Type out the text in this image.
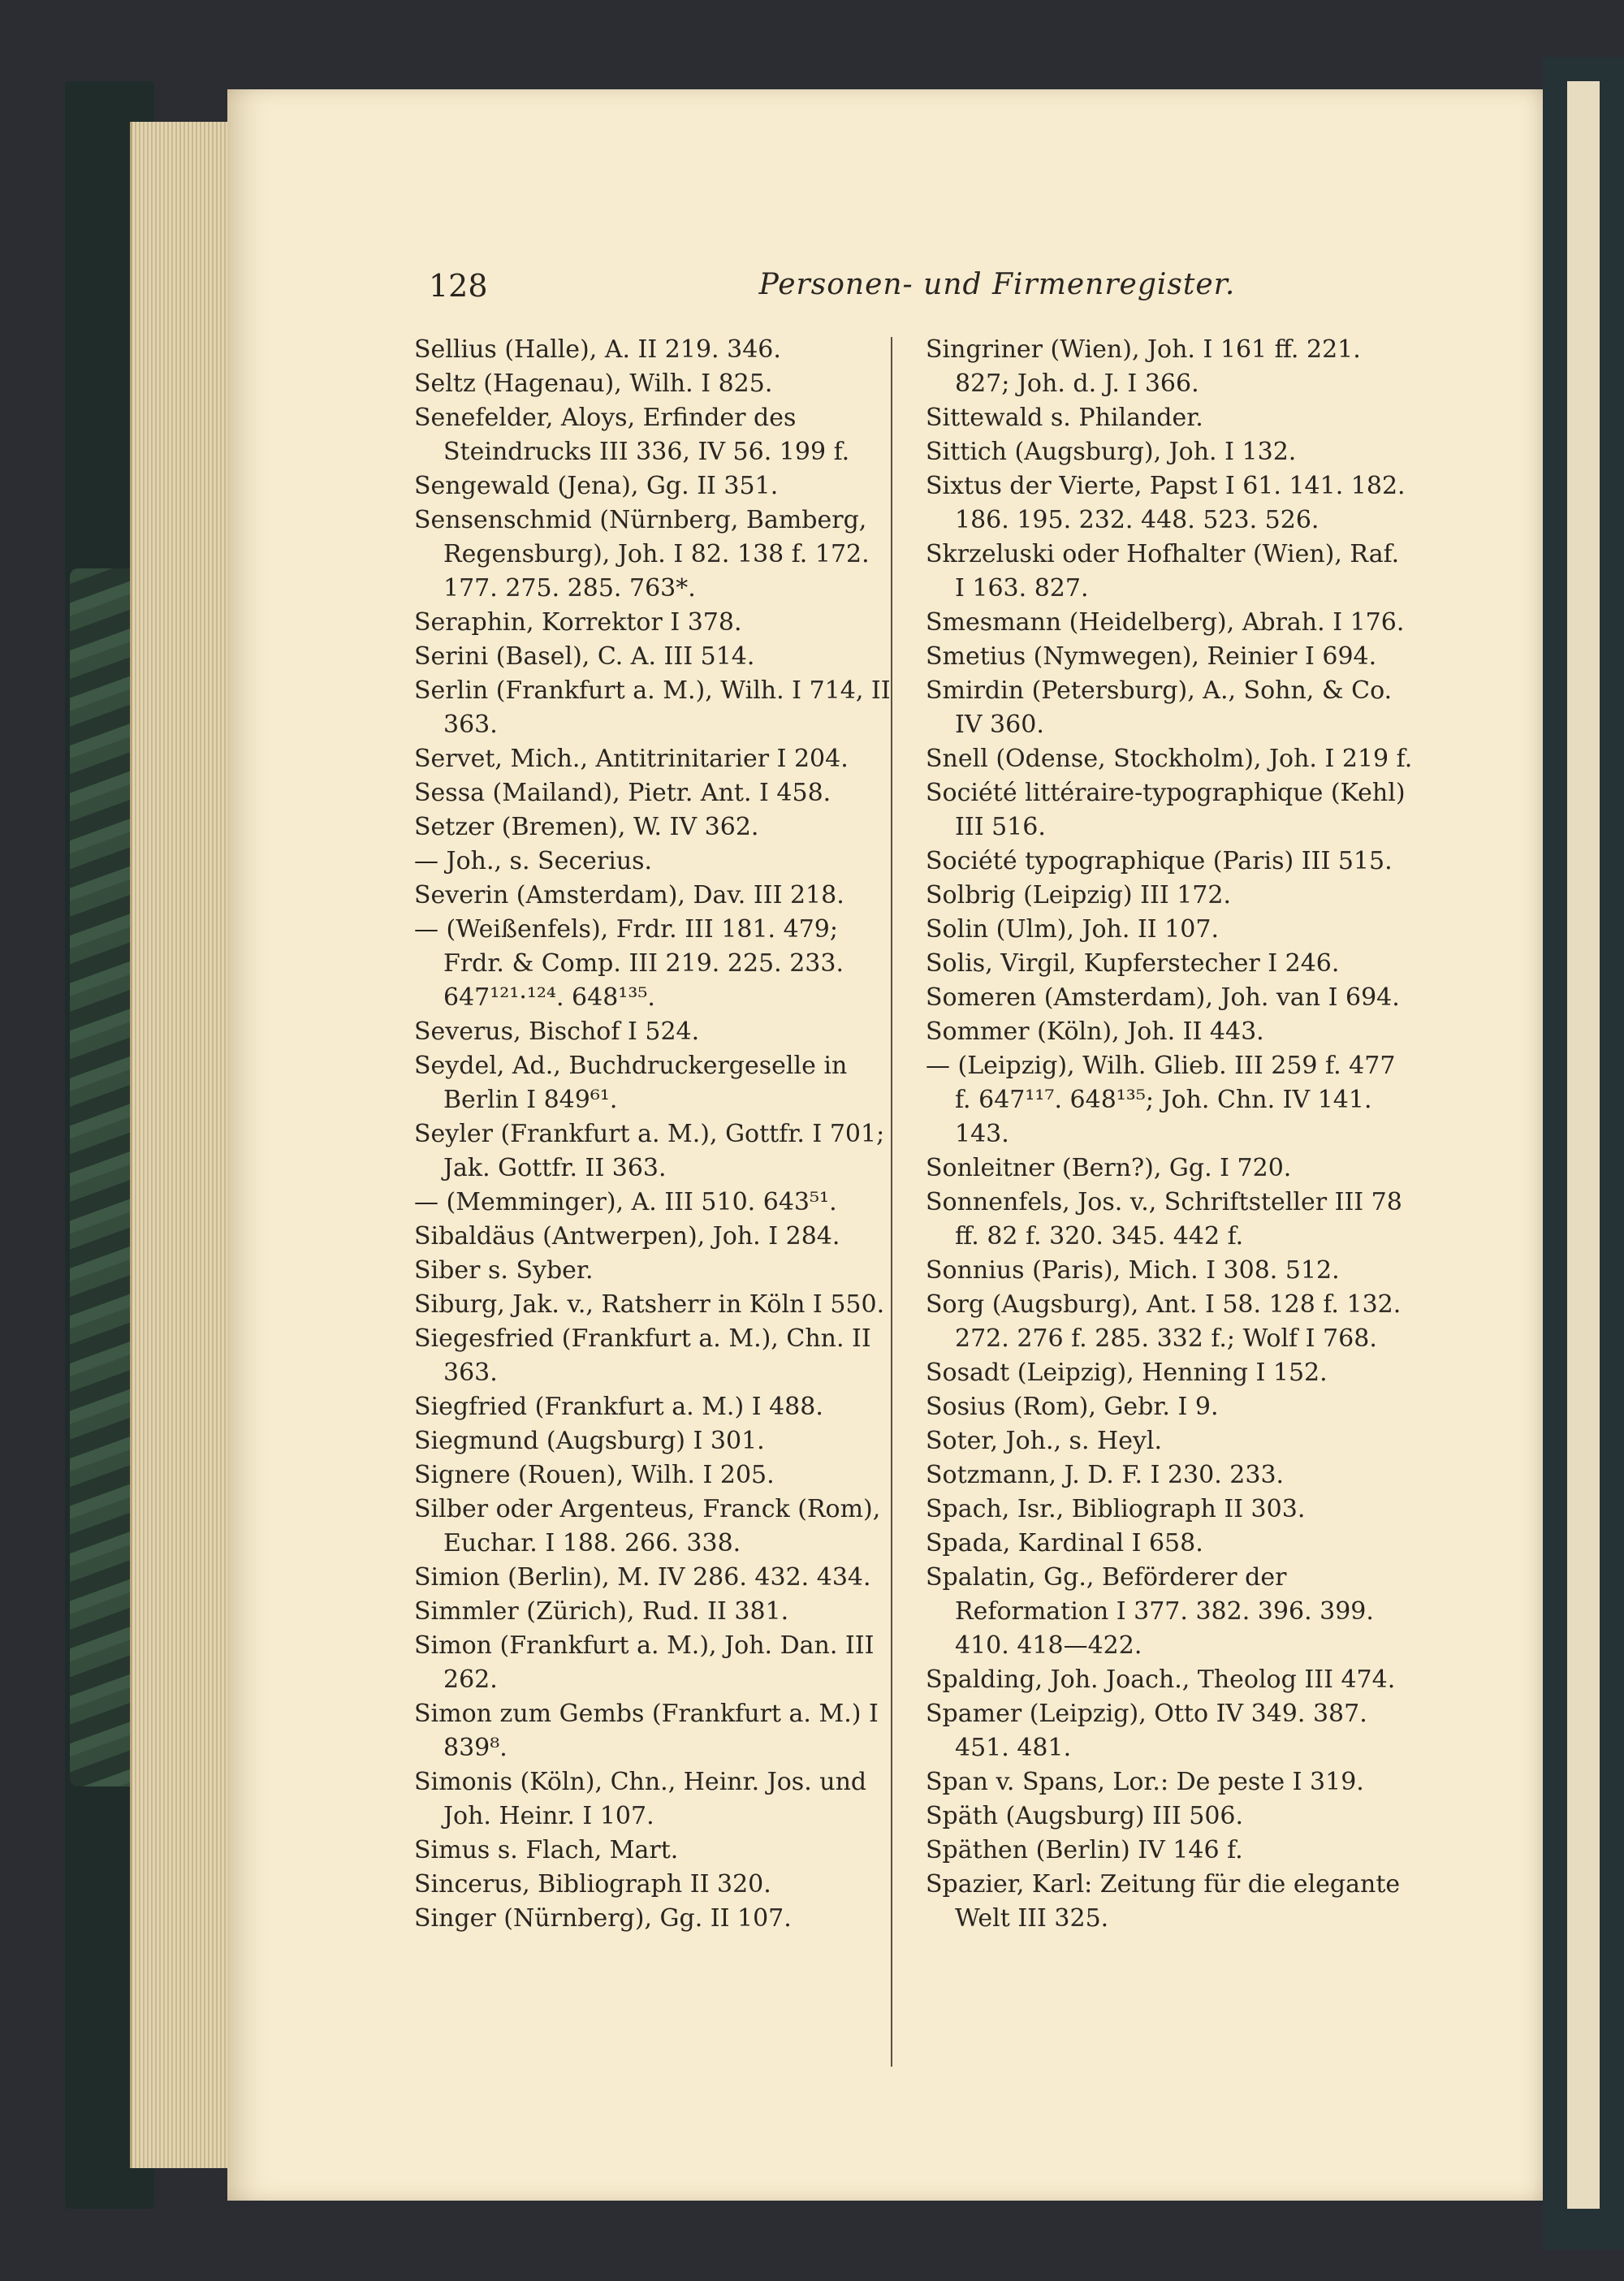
128	Personen- und Firmenregister.

Sellius (Halle), A. II 219. 346.

Seltz (Hagenau), Wilh. I 825.

Senefelder, Aloys, Erfinder des Steindrucks III 336, IV 56. 199 f.

Sengewald (Jena), Gg. II 351.

Sensenschmid (Nürnberg, Bamberg, Regensburg), Joh. I 82. 138 f. 172. 177. 275. 285. 763*.

Seraphin, Korrektor I 378.

Serini (Basel), C. A. III 514.

Serlin (Frankfurt a. M.), Wilh. I 714, II 363.

Servet, Mich., Antitrinitarier I 204.

Sessa (Mailand), Pietr. Ant. I 458.

Setzer (Bremen), W. IV 362.

— Joh., s. Secerius.

Severin (Amsterdam), Dav. III 218.

— (Weißenfels), Frdr. III 181. 479; Frdr. & Comp. III 219. 225. 233. 647¹²¹·¹²⁴. 648¹³⁵.

Severus, Bischof I 524.

Seydel, Ad., Buchdruckergeselle in Berlin I 849⁶¹.

Seyler (Frankfurt a. M.), Gottfr. I 701; Jak. Gottfr. II 363.

— (Memminger), A. III 510. 643⁵¹.

Sibaldäus (Antwerpen), Joh. I 284.

Siber s. Syber.

Siburg, Jak. v., Ratsherr in Köln I 550.

Siegesfried (Frankfurt a. M.), Chn. II 363.

Siegfried (Frankfurt a. M.) I 488.

Siegmund (Augsburg) I 301.

Signere (Rouen), Wilh. I 205.

Silber oder Argenteus, Franck (Rom), Euchar. I 188. 266. 338.

Simion (Berlin), M. IV 286. 432. 434.

Simmler (Zürich), Rud. II 381.

Simon (Frankfurt a. M.), Joh. Dan. III 262.

Simon zum Gembs (Frankfurt a. M.) I 839⁸.

Simonis (Köln), Chn., Heinr. Jos. und Joh. Heinr. I 107.

Simus s. Flach, Mart.

Sincerus, Bibliograph II 320.

Singer (Nürnberg), Gg. II 107.

Singriner (Wien), Joh. I 161 ff. 221. 827; Joh. d. J. I 366.

Sittewald s. Philander.

Sittich (Augsburg), Joh. I 132.

Sixtus der Vierte, Papst I 61. 141. 182. 186. 195. 232. 448. 523. 526.

Skrzeluski oder Hofhalter (Wien), Raf. I 163. 827.

Smesmann (Heidelberg), Abrah. I 176.

Smetius (Nymwegen), Reinier I 694.

Smirdin (Petersburg), A., Sohn, & Co. IV 360.

Snell (Odense, Stockholm), Joh. I 219 f.

Société littéraire-typographique (Kehl) III 516.

Société typographique (Paris) III 515.

Solbrig (Leipzig) III 172.

Solin (Ulm), Joh. II 107.

Solis, Virgil, Kupferstecher I 246.

Someren (Amsterdam), Joh. van I 694.

Sommer (Köln), Joh. II 443.

— (Leipzig), Wilh. Glieb. III 259 f. 477 f. 647¹¹⁷. 648¹³⁵; Joh. Chn. IV 141. 143.

Sonleitner (Bern?), Gg. I 720.

Sonnenfels, Jos. v., Schriftsteller III 78 ff. 82 f. 320. 345. 442 f.

Sonnius (Paris), Mich. I 308. 512.

Sorg (Augsburg), Ant. I 58. 128 f. 132. 272. 276 f. 285. 332 f.; Wolf I 768.

Sosadt (Leipzig), Henning I 152.

Sosius (Rom), Gebr. I 9.

Soter, Joh., s. Heyl.

Sotzmann, J. D. F. I 230. 233.

Spach, Isr., Bibliograph II 303.

Spada, Kardinal I 658.

Spalatin, Gg., Beförderer der Reformation I 377. 382. 396. 399. 410. 418—422.

Spalding, Joh. Joach., Theolog III 474.

Spamer (Leipzig), Otto IV 349. 387. 451. 481.

Span v. Spans, Lor.: De peste I 319.

Späth (Augsburg) III 506.

Späthen (Berlin) IV 146 f.

Spazier, Karl: Zeitung für die elegante Welt III 325.
